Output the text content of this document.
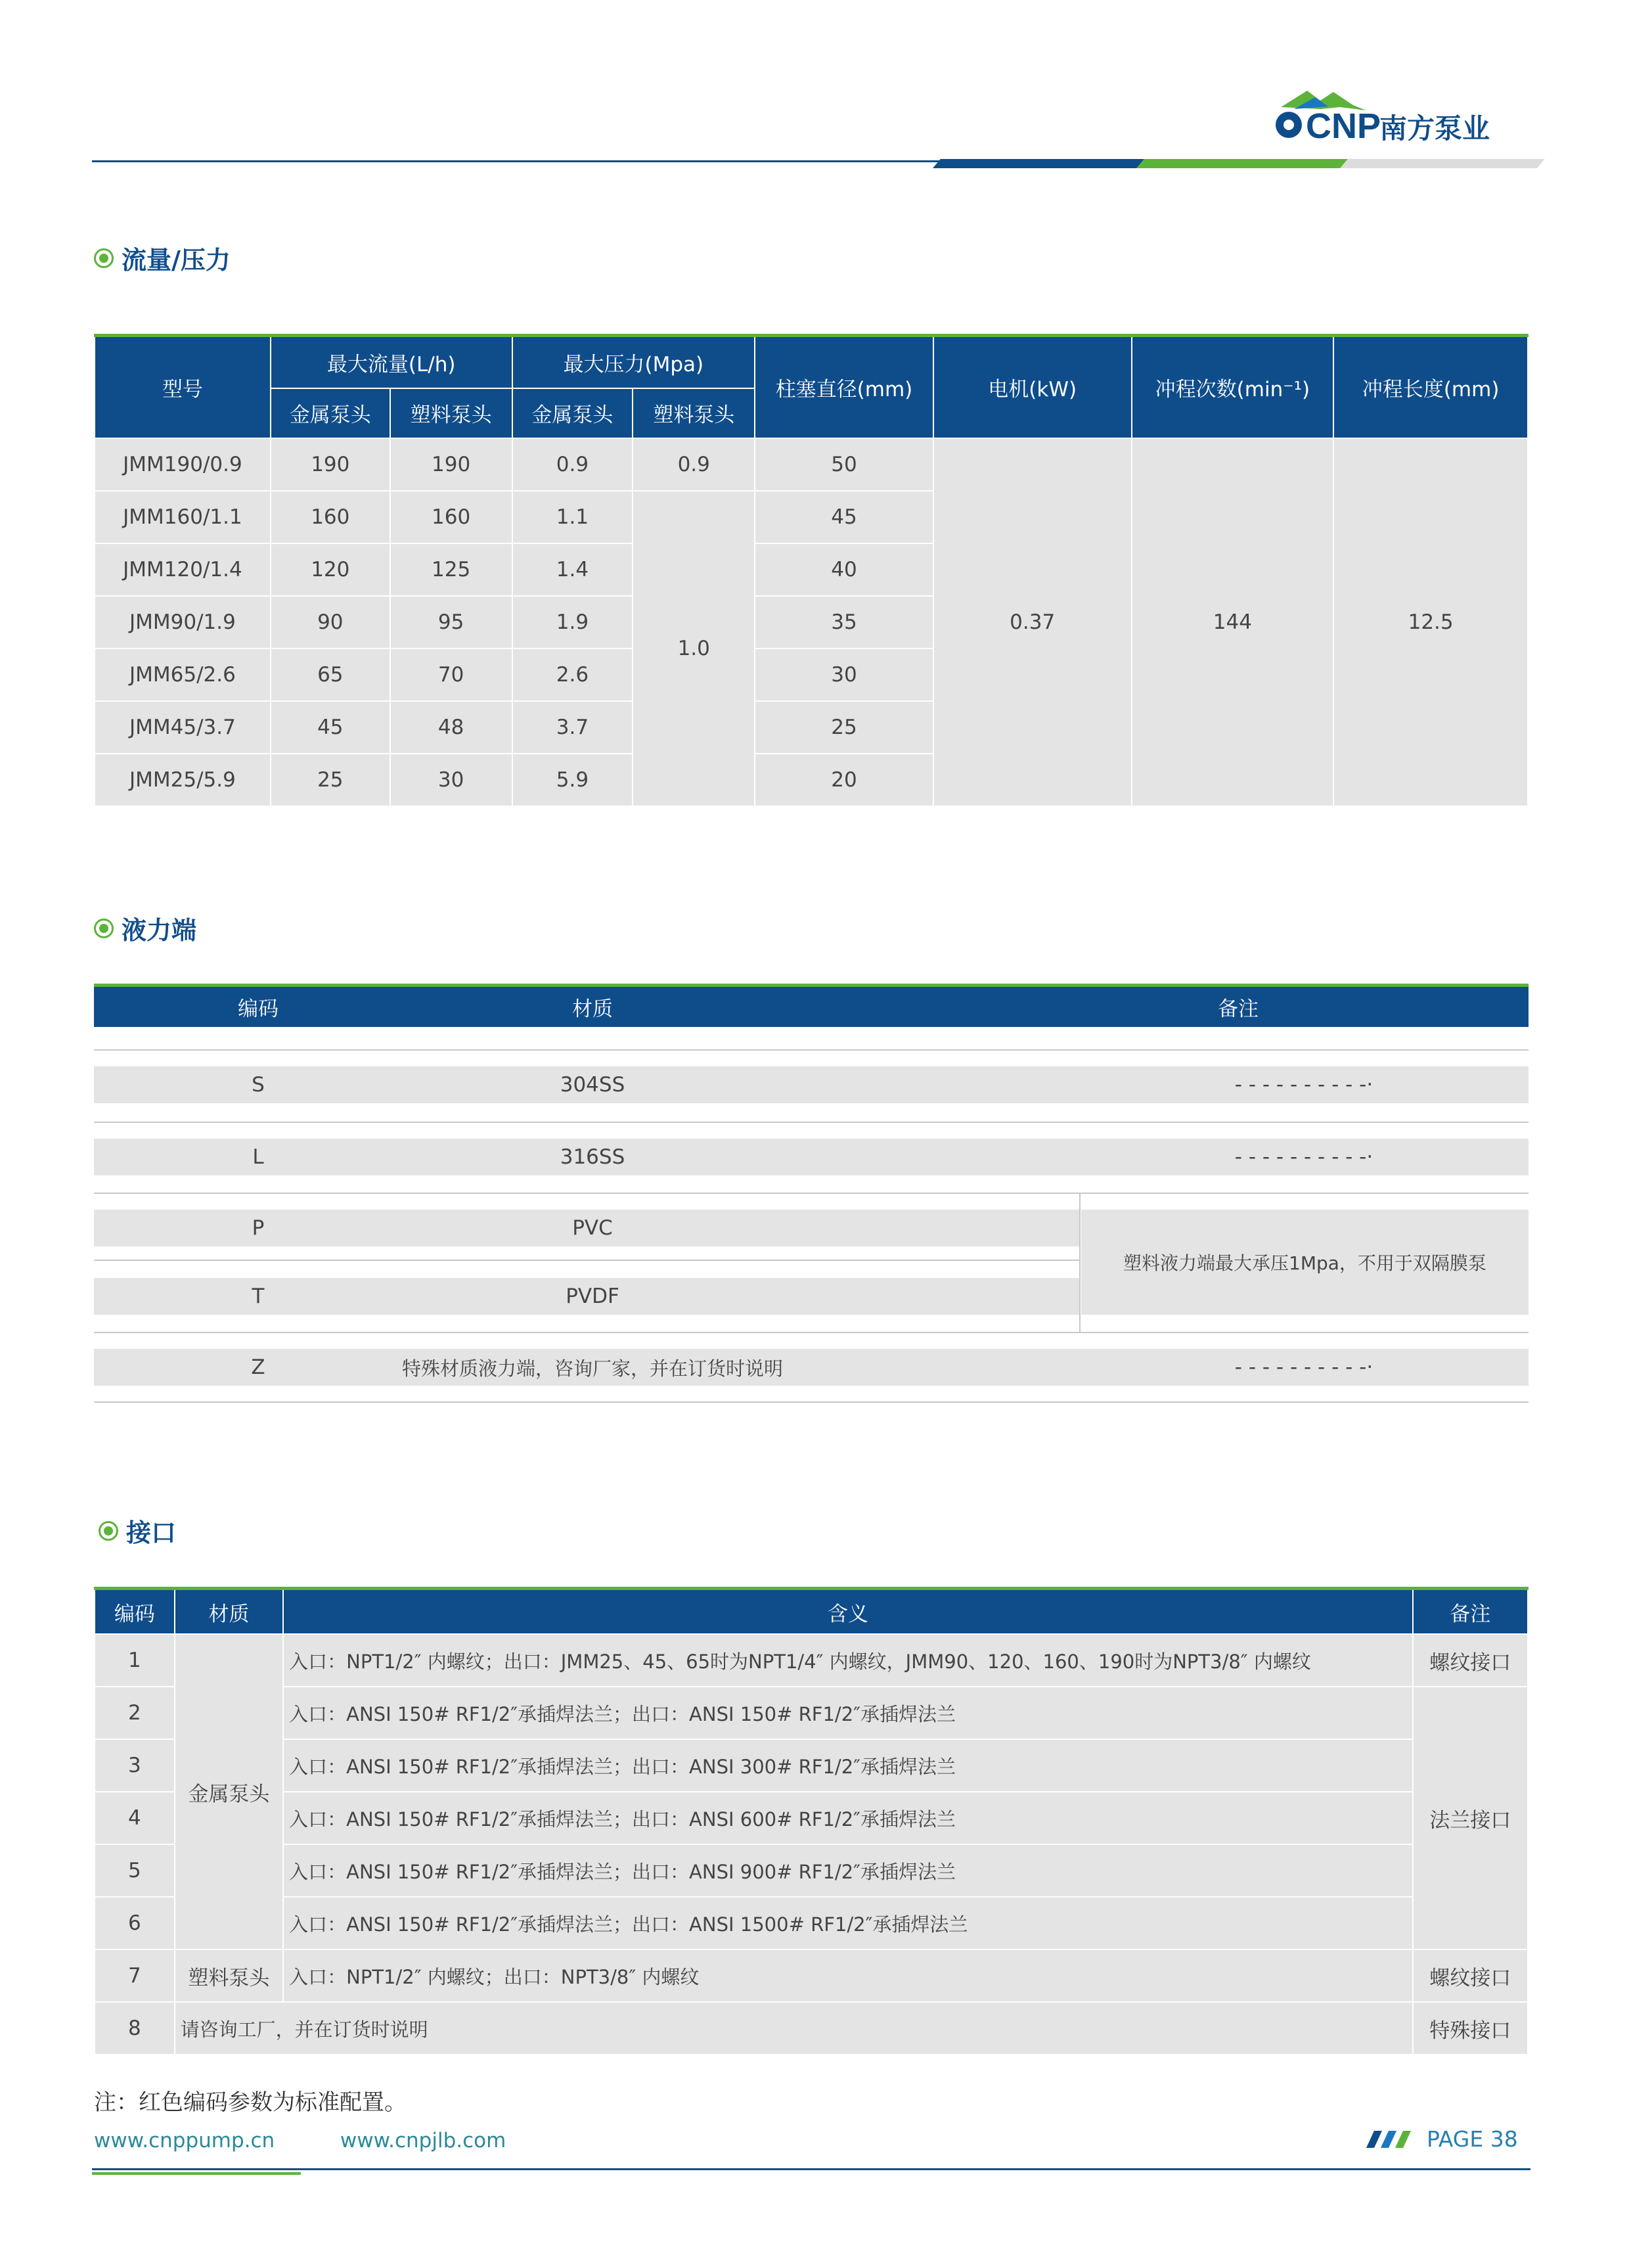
CNP
南方泵业
流量/压力
型号	最大流量(L/h)		最大压力(Mpa)		柱塞直径(mm)	电机(kW)	冲程次数(min⁻¹)	冲程长度(mm)
	金属泵头	塑料泵头	金属泵头	塑料泵头				
JMM190/0.9	190	190	0.9	0.9	50	0.37	144	12.5
JMM160/1.1	160	160	1.1	1.0	45			
JMM120/1.4	120	125	1.4		40			
JMM90/1.9	90	95	1.9		35			
JMM65/2.6	65	70	2.6		30			
JMM45/3.7	45	48	3.7		25			
JMM25/5.9	25	30	5.9		20			
液力端
编码	材质	备注
S	304SS	- - - - - - - - - -·
L	316SS	- - - - - - - - - -·
P	PVC
T	PVDF
塑料液力端最大承压1Mpa，不用于双隔膜泵
Z	特殊材质液力端，咨询厂家，并在订货时说明	- - - - - - - - - -·
接口
编码	材质	含义	备注
1	金属泵头	入口：NPT1/2″ 内螺纹；出口：JMM25、45、65时为NPT1/4″ 内螺纹，JMM90、120、160、190时为NPT3/8″ 内螺纹	螺纹接口
2		入口：ANSI 150# RF1/2″承插焊法兰；出口：ANSI 150# RF1/2″承插焊法兰	法兰接口
3		入口：ANSI 150# RF1/2″承插焊法兰；出口：ANSI 300# RF1/2″承插焊法兰	
4		入口：ANSI 150# RF1/2″承插焊法兰；出口：ANSI 600# RF1/2″承插焊法兰	
5		入口：ANSI 150# RF1/2″承插焊法兰；出口：ANSI 900# RF1/2″承插焊法兰	
6		入口：ANSI 150# RF1/2″承插焊法兰；出口：ANSI 1500# RF1/2″承插焊法兰	
7	塑料泵头	入口：NPT1/2″ 内螺纹；出口：NPT3/8″ 内螺纹	螺纹接口
8	请咨询工厂，并在订货时说明		特殊接口
注：红色编码参数为标准配置。
www.cnppump.cn	www.cnpjlb.com	PAGE 38
